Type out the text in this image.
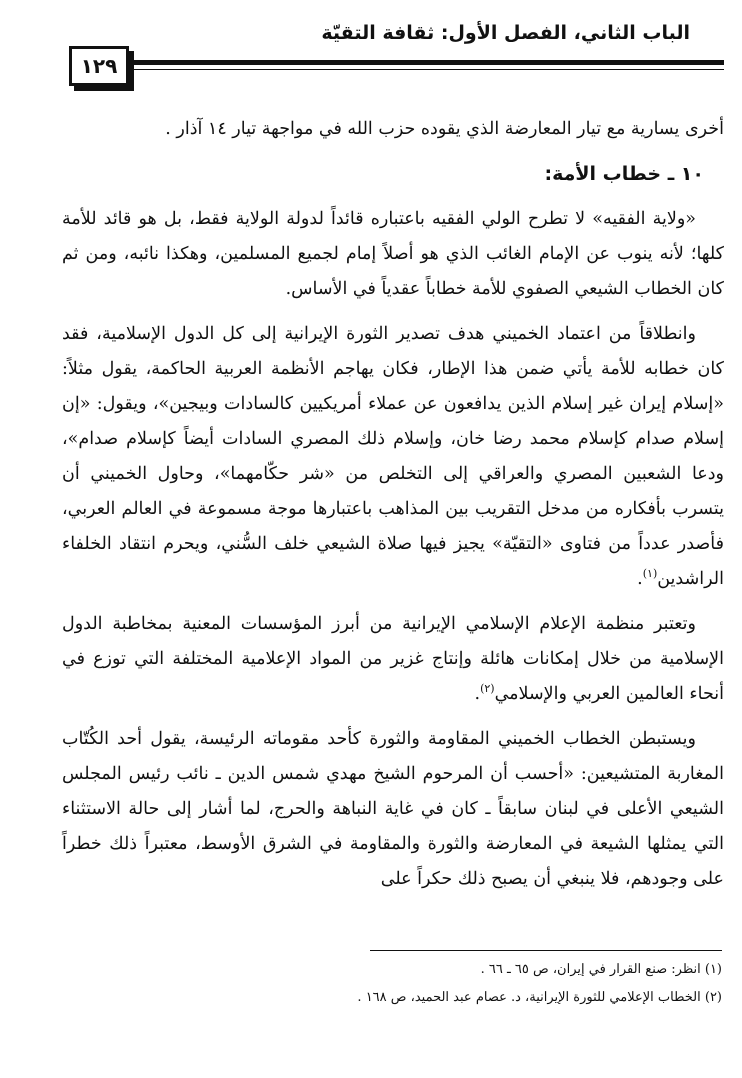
الباب الثاني، الفصل الأول: ثقافة التقيّة
١٢٩

أخرى يسارية مع تيار المعارضة الذي يقوده حزب الله في مواجهة تيار ١٤ آذار .

١٠ ـ خطاب الأمة:

«ولاية الفقيه» لا تطرح الولي الفقيه باعتباره قائداً لدولة الولاية فقط، بل هو قائد للأمة كلها؛ لأنه ينوب عن الإمام الغائب الذي هو أصلاً إمام لجميع المسلمين، وهكذا نائبه، ومن ثم كان الخطاب الشيعي الصفوي للأمة خطاباً عقدياً في الأساس.

وانطلاقاً من اعتماد الخميني هدف تصدير الثورة الإيرانية إلى كل الدول الإسلامية، فقد كان خطابه للأمة يأتي ضمن هذا الإطار، فكان يهاجم الأنظمة العربية الحاكمة، يقول مثلاً: «إسلام إيران غير إسلام الذين يدافعون عن عملاء أمريكيين كالسادات وبيجين»، ويقول: «إن إسلام صدام كإسلام محمد رضا خان، وإسلام ذلك المصري السادات أيضاً كإسلام صدام»، ودعا الشعبين المصري والعراقي إلى التخلص من «شر حكّامهما»، وحاول الخميني أن يتسرب بأفكاره من مدخل التقريب بين المذاهب باعتبارها موجة مسموعة في العالم العربي، فأصدر عدداً من فتاوى «التقيّة» يجيز فيها صلاة الشيعي خلف السُّني، ويحرم انتقاد الخلفاء الراشدين$^{(١)}$.

وتعتبر منظمة الإعلام الإسلامي الإيرانية من أبرز المؤسسات المعنية بمخاطبة الدول الإسلامية من خلال إمكانات هائلة وإنتاج غزير من المواد الإعلامية المختلفة التي توزع في أنحاء العالمين العربي والإسلامي$^{(٢)}$.

ويستبطن الخطاب الخميني المقاومة والثورة كأحد مقوماته الرئيسة، يقول أحد الكُتّاب المغاربة المتشيعين: «أحسب أن المرحوم الشيخ مهدي شمس الدين ـ نائب رئيس المجلس الشيعي الأعلى في لبنان سابقاً ـ كان في غاية النباهة والحرج، لما أشار إلى حالة الاستثناء التي يمثلها الشيعة في المعارضة والثورة والمقاومة في الشرق الأوسط، معتبراً ذلك خطراً على وجودهم، فلا ينبغي أن يصبح ذلك حكراً على

(١) انظر: صنع القرار في إيران، ص ٦٥ ـ ٦٦ .
(٢) الخطاب الإعلامي للثورة الإيرانية، د. عصام عبد الحميد، ص ١٦٨ .
